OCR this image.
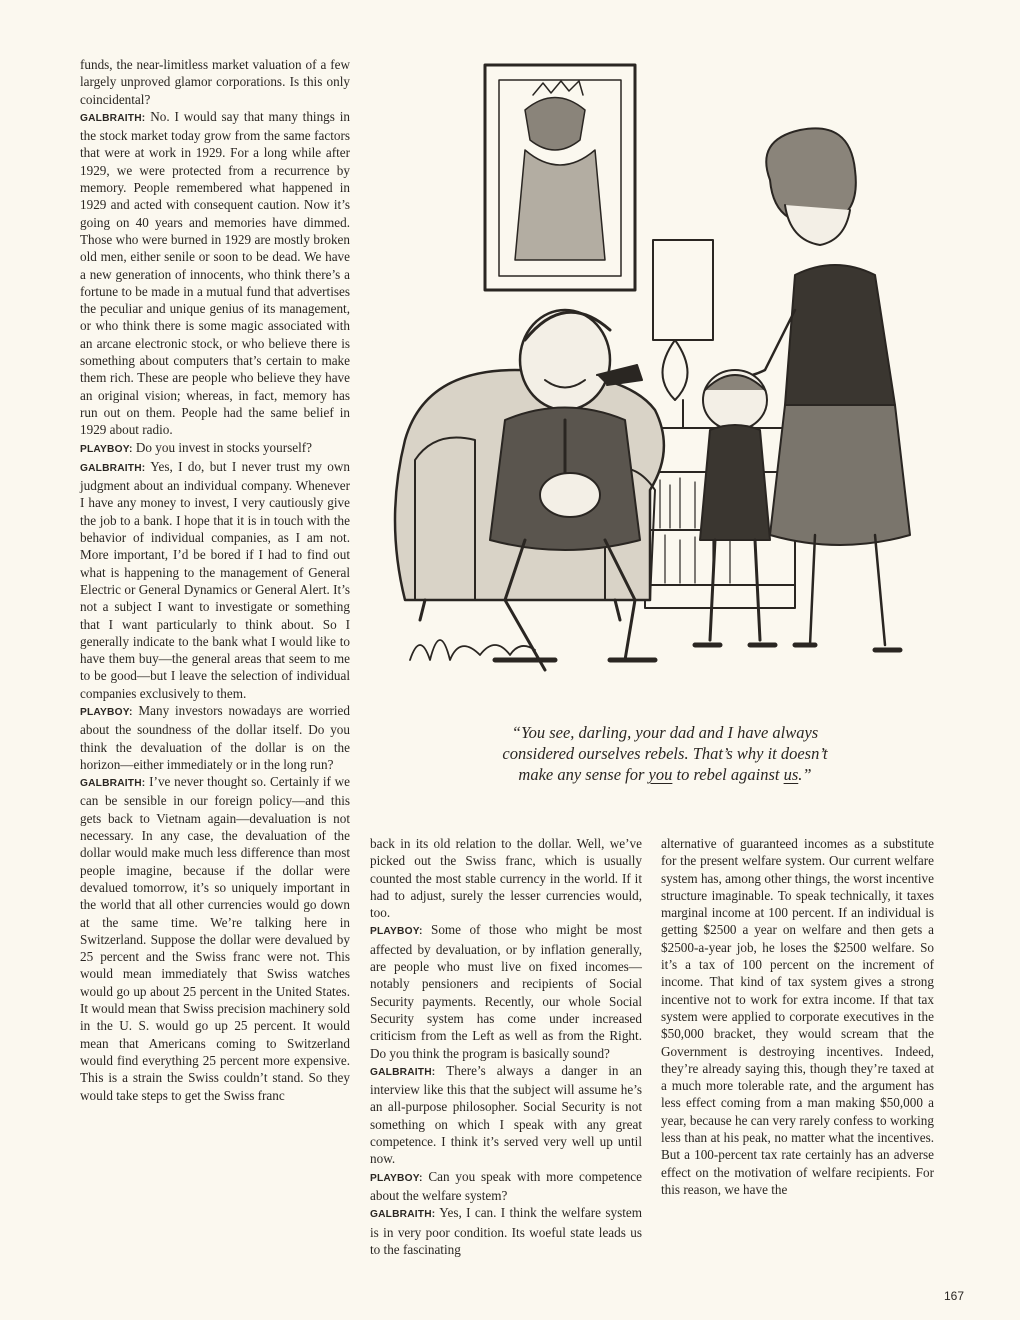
funds, the near-limitless market valuation of a few largely unproved glamor corporations. Is this only coincidental?

GALBRAITH: No. I would say that many things in the stock market today grow from the same factors that were at work in 1929. For a long while after 1929, we were protected from a recurrence by memory. People remembered what happened in 1929 and acted with consequent caution. Now it’s going on 40 years and memories have dimmed. Those who were burned in 1929 are mostly broken old men, either senile or soon to be dead. We have a new generation of innocents, who think there’s a fortune to be made in a mutual fund that advertises the peculiar and unique genius of its management, or who think there is some magic associated with an arcane electronic stock, or who believe there is something about computers that’s certain to make them rich. These are people who believe they have an original vision; whereas, in fact, memory has run out on them. People had the same belief in 1929 about radio.

PLAYBOY: Do you invest in stocks yourself?

GALBRAITH: Yes, I do, but I never trust my own judgment about an individual company. Whenever I have any money to invest, I very cautiously give the job to a bank. I hope that it is in touch with the behavior of individual companies, as I am not. More important, I’d be bored if I had to find out what is happening to the management of General Electric or General Dynamics or General Alert. It’s not a subject I want to investigate or something that I want particularly to think about. So I generally indicate to the bank what I would like to have them buy—the general areas that seem to me to be good—but I leave the selection of individual companies exclusively to them.

PLAYBOY: Many investors nowadays are worried about the soundness of the dollar itself. Do you think the devaluation of the dollar is on the horizon—either immediately or in the long run?

GALBRAITH: I’ve never thought so. Certainly if we can be sensible in our foreign policy—and this gets back to Vietnam again—devaluation is not necessary. In any case, the devaluation of the dollar would make much less difference than most people imagine, because if the dollar were devalued tomorrow, it’s so uniquely important in the world that all other currencies would go down at the same time. We’re talking here in Switzerland. Suppose the dollar were devalued by 25 percent and the Swiss franc were not. This would mean immediately that Swiss watches would go up about 25 percent in the United States. It would mean that Swiss precision machinery sold in the U. S. would go up 25 percent. It would mean that Americans coming to Switzerland would find everything 25 percent more expensive. This is a strain the Swiss couldn’t stand. So they would take steps to get the Swiss franc

“You see, darling, your dad and I have always
considered ourselves rebels. That’s why it doesn’t
make any sense for you to rebel against us.”

back in its old relation to the dollar. Well, we’ve picked out the Swiss franc, which is usually counted the most stable currency in the world. If it had to adjust, surely the lesser currencies would, too.

PLAYBOY: Some of those who might be most affected by devaluation, or by inflation generally, are people who must live on fixed incomes—notably pensioners and recipients of Social Security payments. Recently, our whole Social Security system has come under increased criticism from the Left as well as from the Right. Do you think the program is basically sound?

GALBRAITH: There’s always a danger in an interview like this that the subject will assume he’s an all-purpose philosopher. Social Security is not something on which I speak with any great competence. I think it’s served very well up until now.

PLAYBOY: Can you speak with more competence about the welfare system?

GALBRAITH: Yes, I can. I think the welfare system is in very poor condition. Its woeful state leads us to the fascinating

alternative of guaranteed incomes as a substitute for the present welfare system. Our current welfare system has, among other things, the worst incentive structure imaginable. To speak technically, it taxes marginal income at 100 percent. If an individual is getting $2500 a year on welfare and then gets a $2500-a-year job, he loses the $2500 welfare. So it’s a tax of 100 percent on the increment of income. That kind of tax system gives a strong incentive not to work for extra income. If that tax system were applied to corporate executives in the $50,000 bracket, they would scream that the Government is destroying incentives. Indeed, they’re already saying this, though they’re taxed at a much more tolerable rate, and the argument has less effect coming from a man making $50,000 a year, because he can very rarely confess to working less than at his peak, no matter what the incentives. But a 100-percent tax rate certainly has an adverse effect on the motivation of welfare recipients. For this reason, we have the

167
